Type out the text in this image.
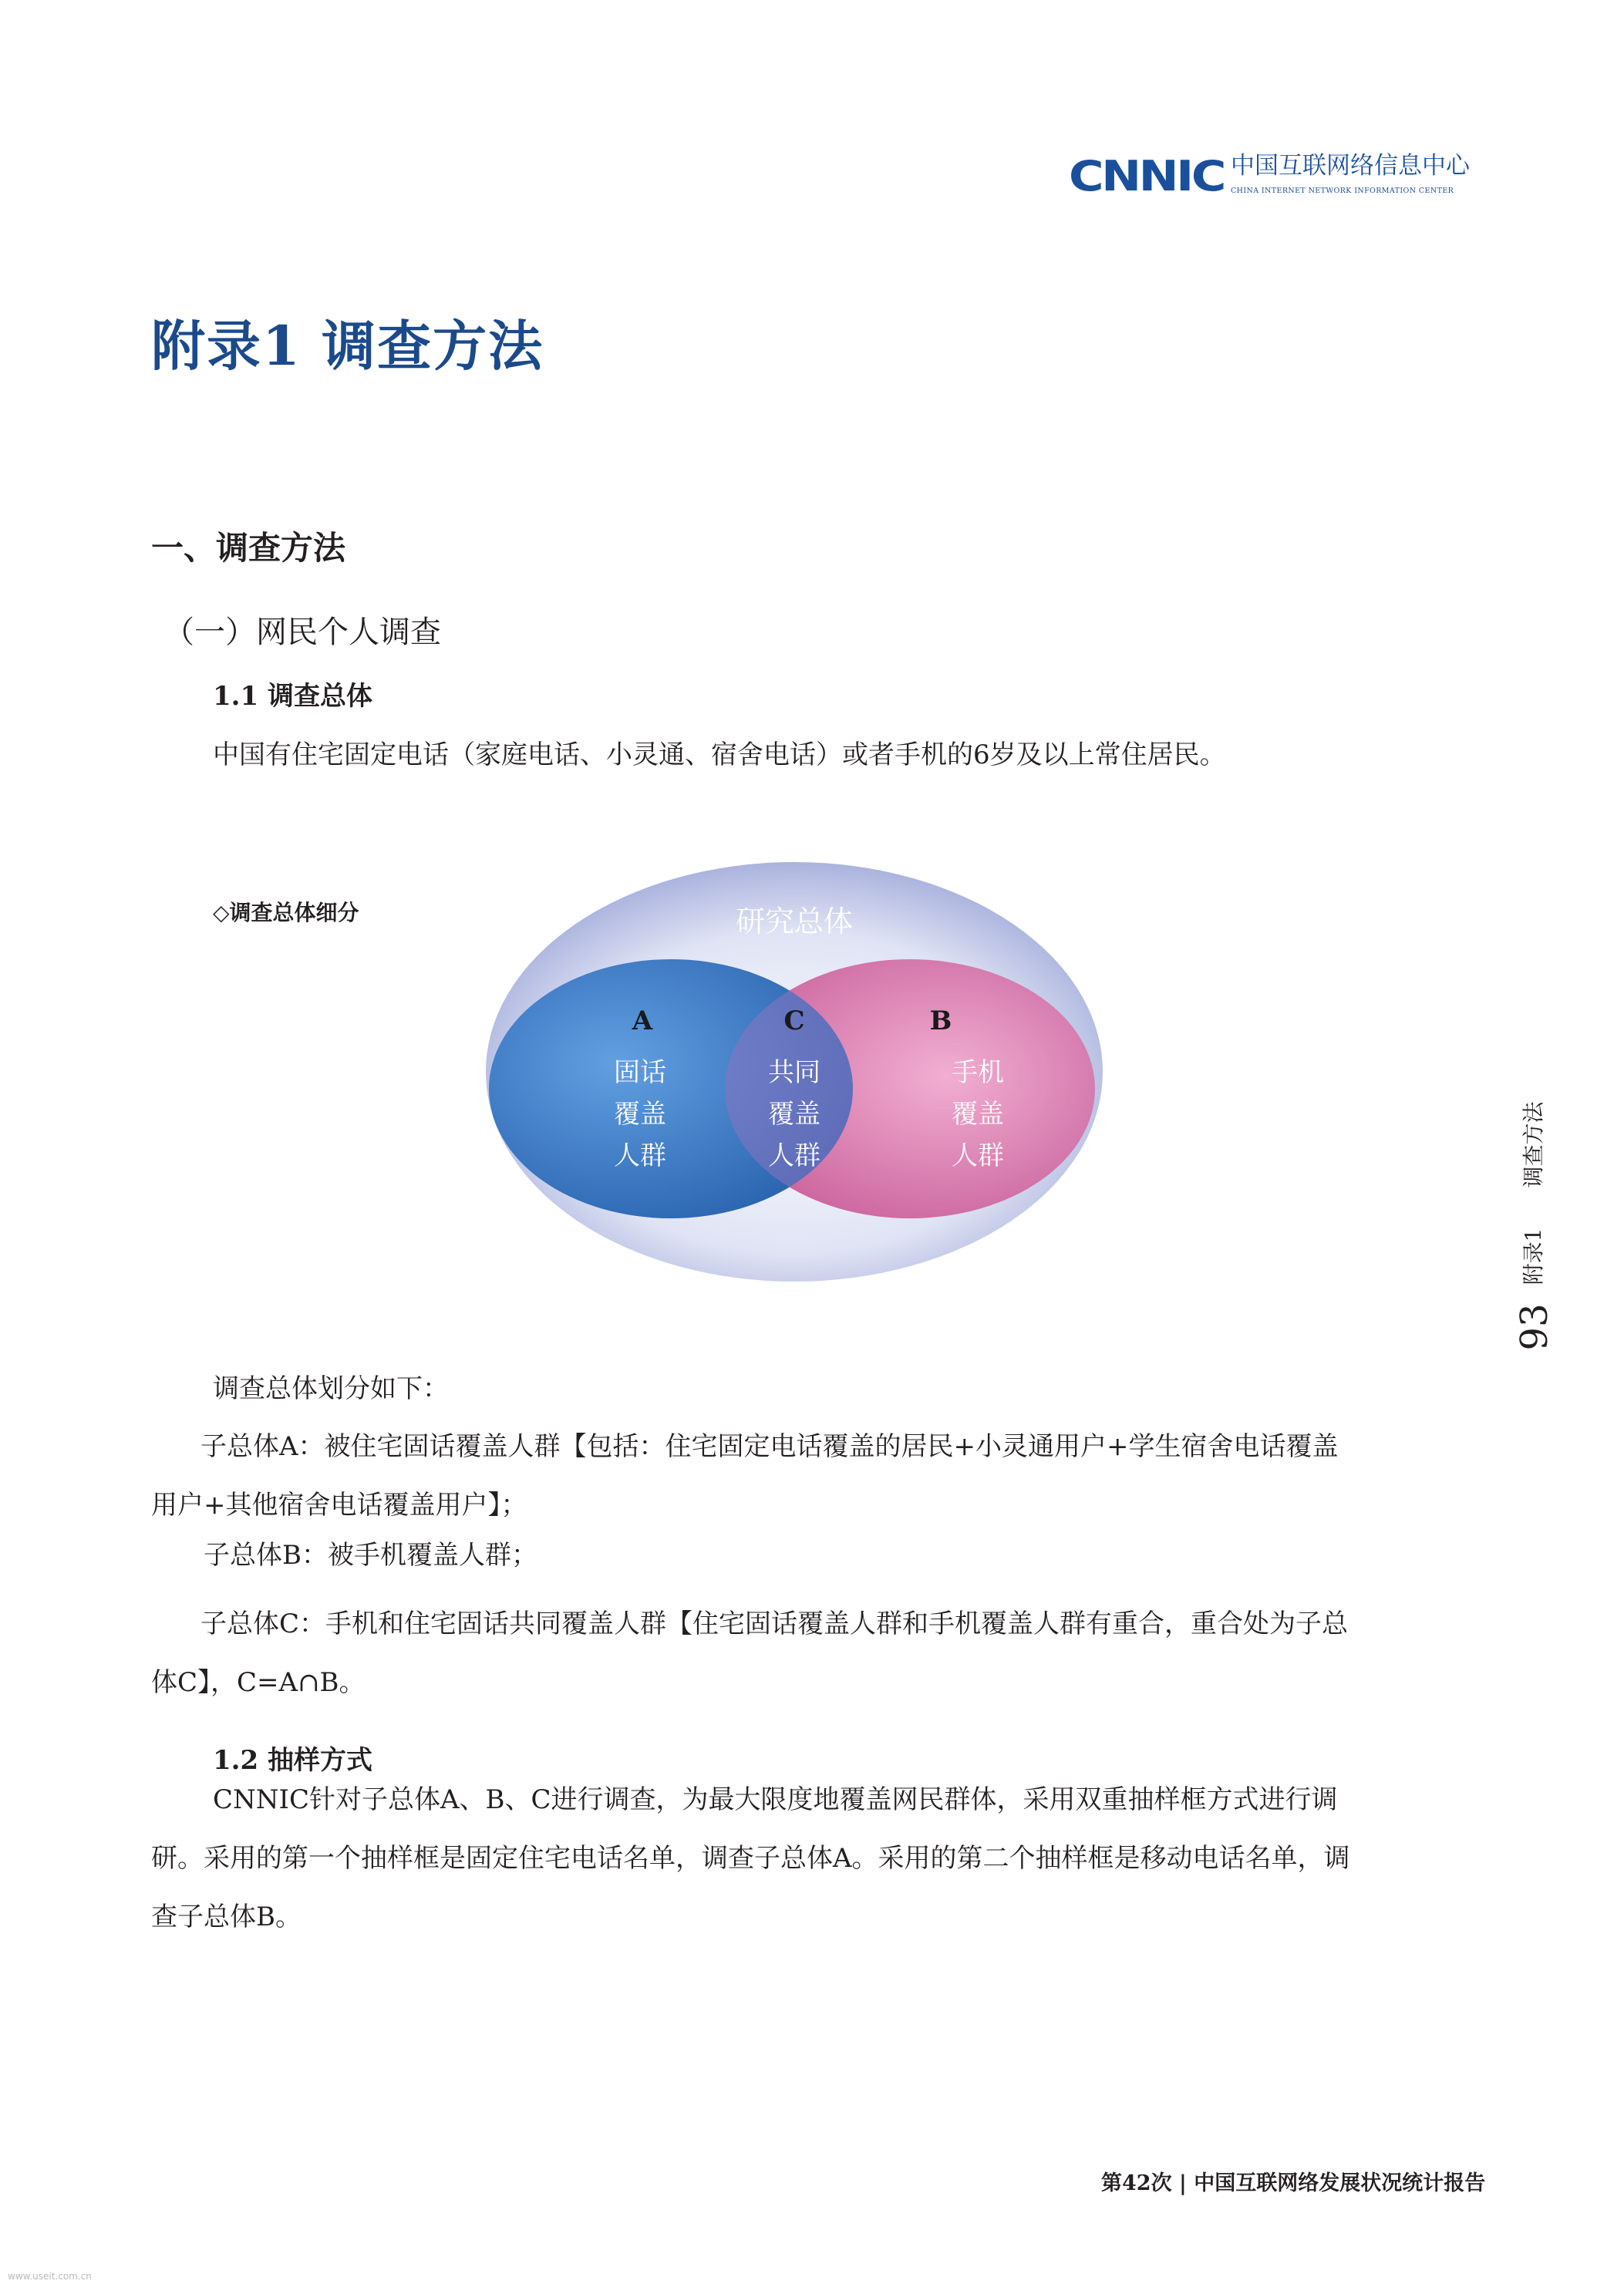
CNNIC 中国互联网络信息中心
CHINA INTERNET NETWORK INFORMATION CENTER
附录1 调查方法
一、调查方法
（一）网民个人调查
1.1 调查总体
中国有住宅固定电话（家庭电话、小灵通、宿舍电话）或者手机的6岁及以上常住居民。
◇调查总体细分	研究总体
A	C	B
固话
覆盖
人群
共同
覆盖
人群
手机
覆盖
人群
调查总体划分如下：
子总体A：被住宅固话覆盖人群【包括：住宅固定电话覆盖的居民+小灵通用户+学生宿舍电话覆盖用户+其他宿舍电话覆盖用户】；
子总体B：被手机覆盖人群；
子总体C：手机和住宅固话共同覆盖人群【住宅固话覆盖人群和手机覆盖人群有重合，重合处为子总体C】，C=A∩B。
1.2 抽样方式
CNNIC针对子总体A、B、C进行调查，为最大限度地覆盖网民群体，采用双重抽样框方式进行调研。采用的第一个抽样框是固定住宅电话名单，调查子总体A。采用的第二个抽样框是移动电话名单，调查子总体B。
93附录1调查方法
第42次 | 中国互联网络发展状况统计报告
www.useit.com.cn
